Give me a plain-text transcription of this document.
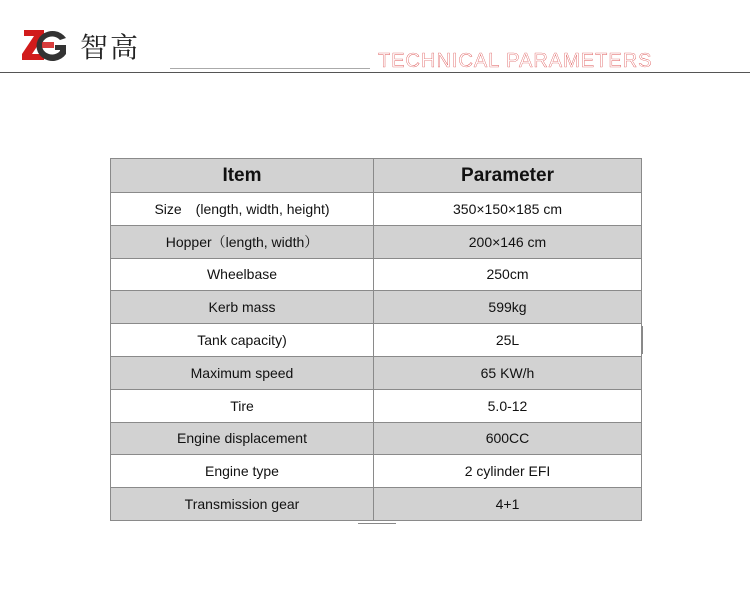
智高	TECHNICAL PARAMETERS
Item	Parameter
Size　(length, width, height)	350×150×185 cm
Hopper（length, width）	200×146 cm
Wheelbase	250cm
Kerb mass	599kg
Tank capacity)	25L
Maximum speed	65 KW/h
Tire	5.0-12
Engine displacement	600CC
Engine type	2 cylinder EFI
Transmission gear	4+1
